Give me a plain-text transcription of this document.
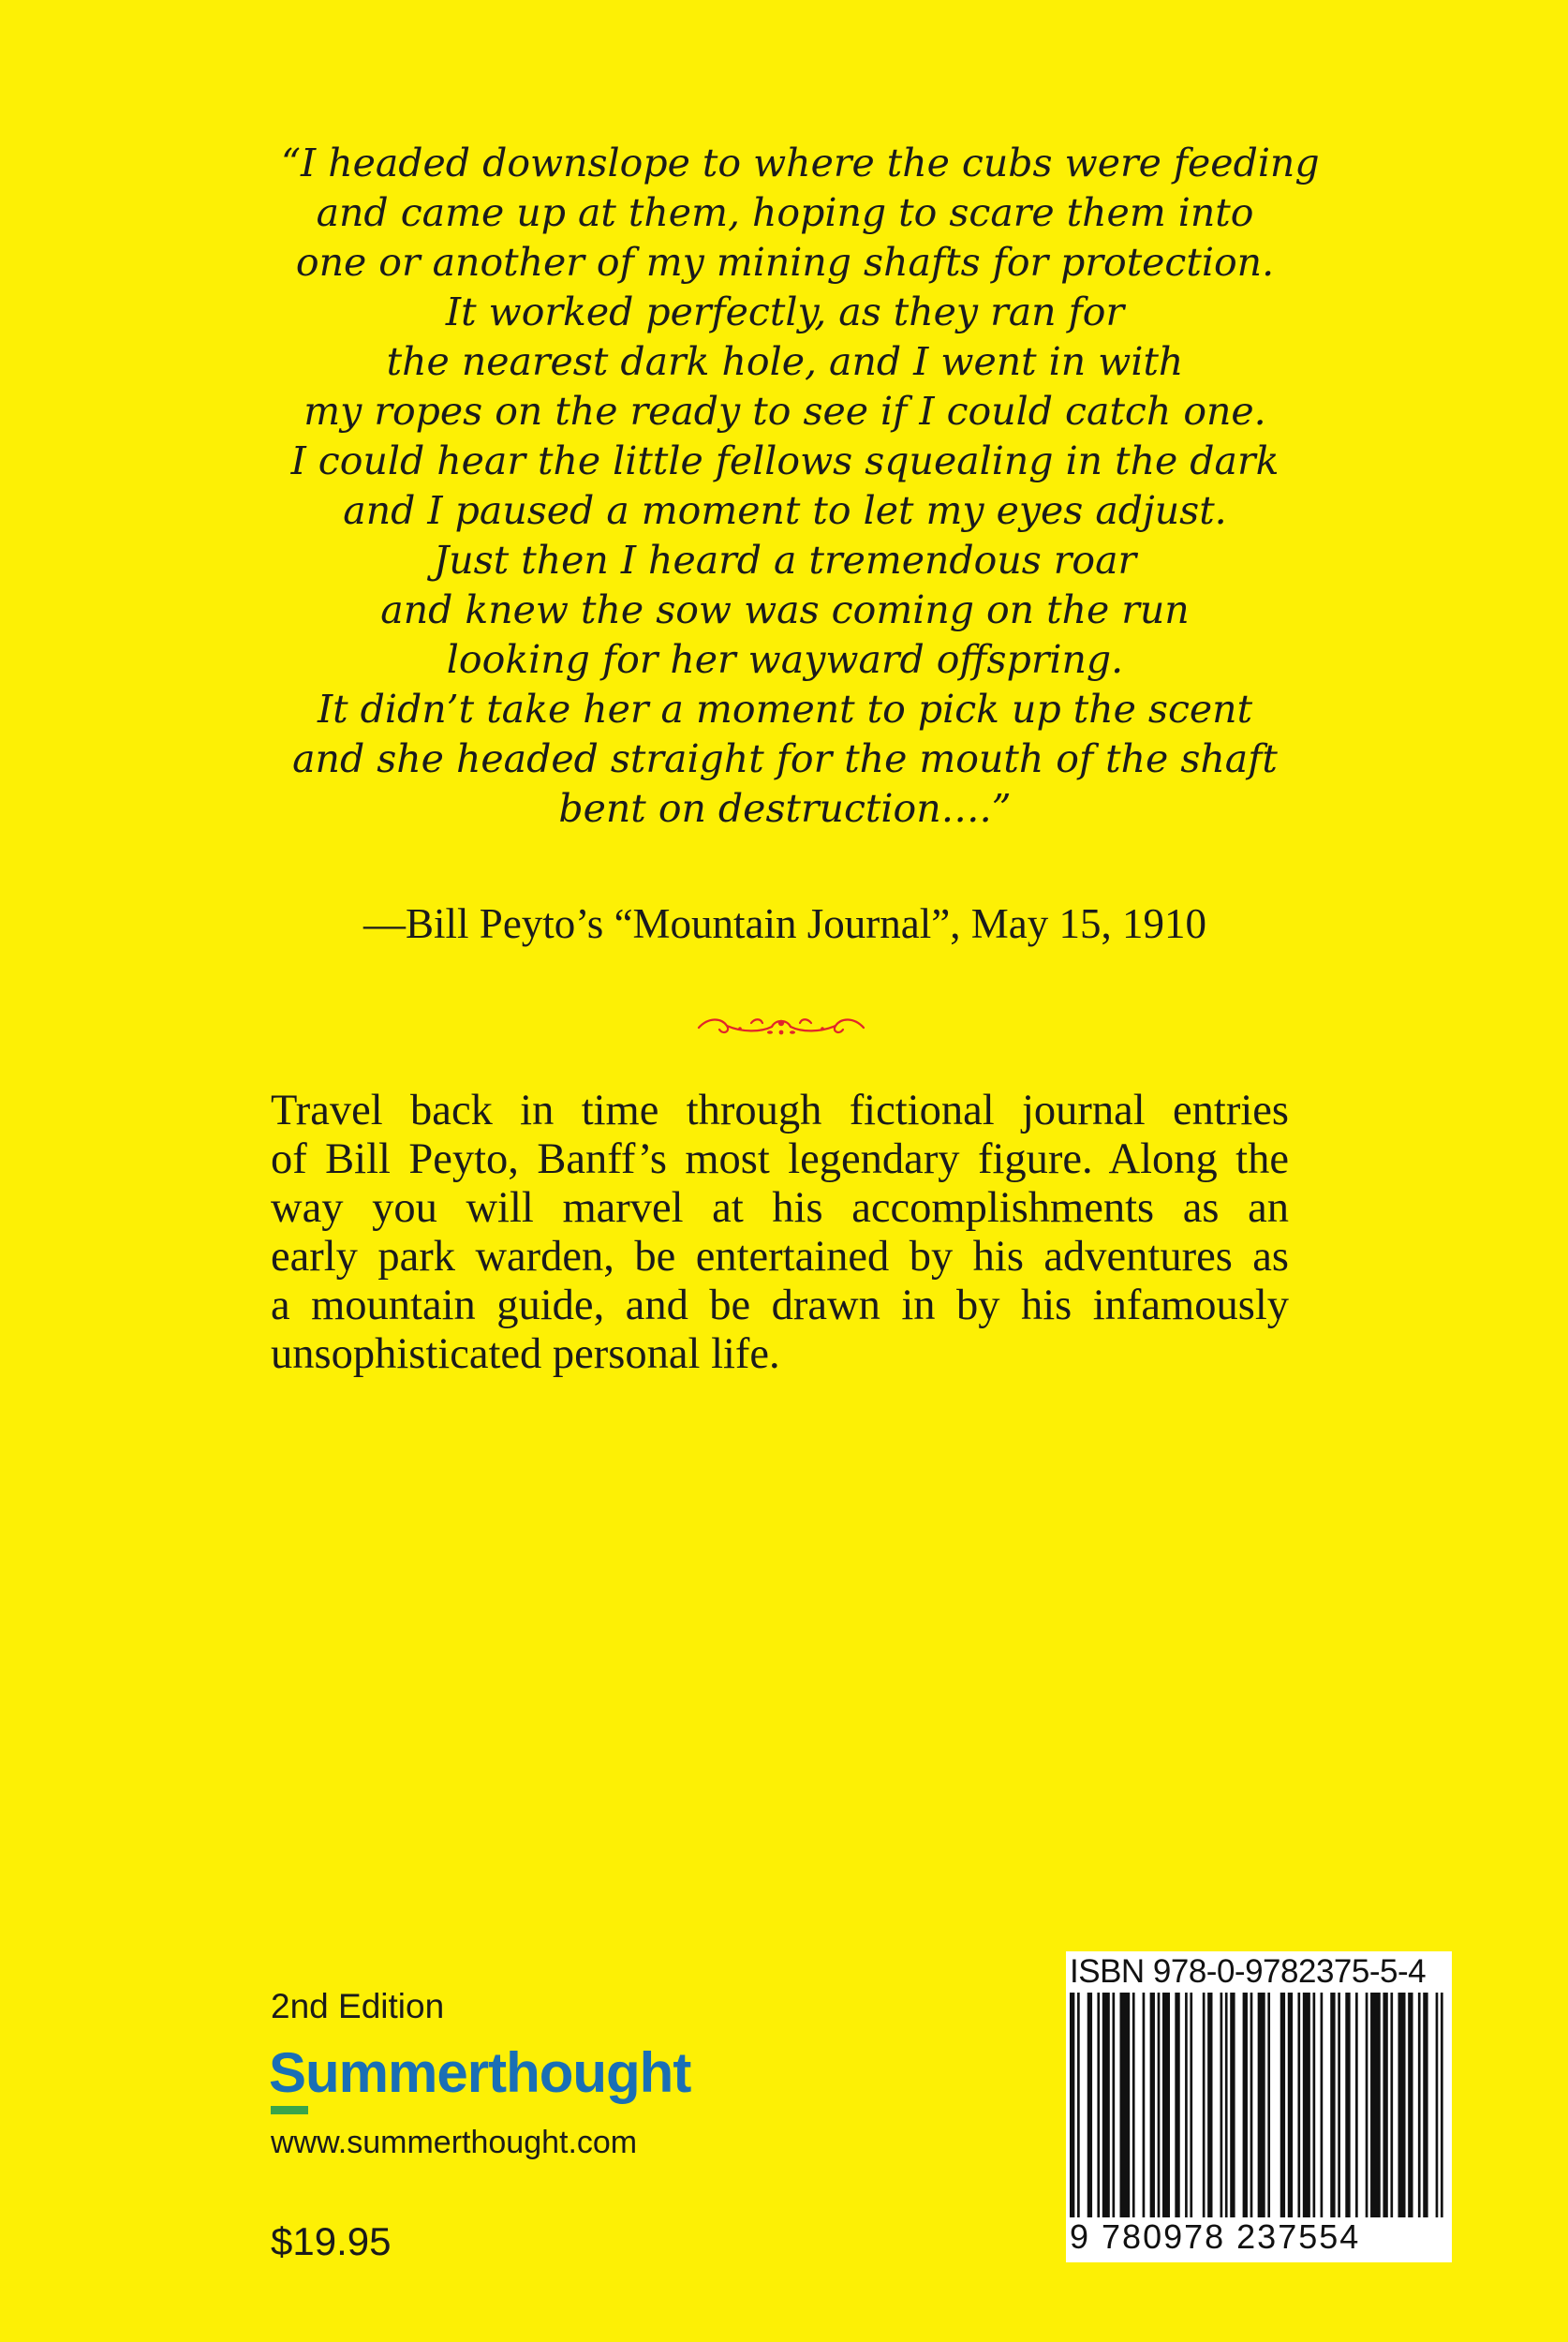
“I headed downslope to where the cubs were feeding
and came up at them, hoping to scare them into
one or another of my mining shafts for protection.
It worked perfectly, as they ran for
the nearest dark hole, and I went in with
my ropes on the ready to see if I could catch one.
I could hear the little fellows squealing in the dark
and I paused a moment to let my eyes adjust.
Just then I heard a tremendous roar
and knew the sow was coming on the run
looking for her wayward offspring.
It didn’t take her a moment to pick up the scent
and she headed straight for the mouth of the shaft
bent on destruction….”
—Bill Peyto’s “Mountain Journal”, May 15, 1910
Travel back in time through fictional journal entries
of Bill Peyto, Banff’s most legendary figure. Along the
way you will marvel at his accomplishments as an
early park warden, be entertained by his adventures as
a mountain guide, and be drawn in by his infamously
unsophisticated personal life.
2nd Edition
Summerthought
www.summerthought.com
$19.95
ISBN 978-0-9782375-5-4
9 780978 237554
